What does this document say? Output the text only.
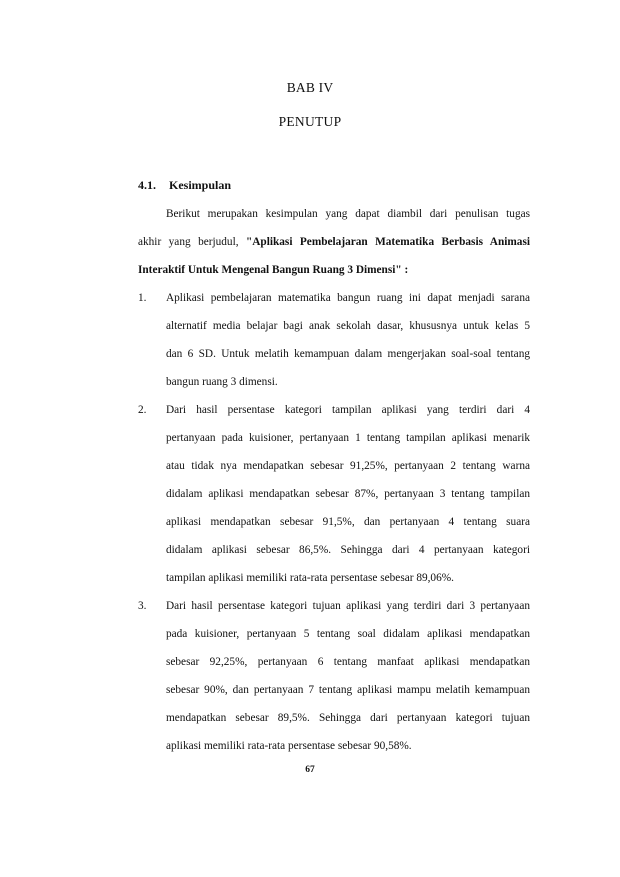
BAB IV
PENUTUP
4.1. Kesimpulan
Berikut merupakan kesimpulan yang dapat diambil dari penulisan tugas
akhir yang berjudul, "Aplikasi Pembelajaran Matematika Berbasis Animasi
Interaktif Untuk Mengenal Bangun Ruang 3 Dimensi" :
1. Aplikasi pembelajaran matematika bangun ruang ini dapat menjadi sarana
alternatif media belajar bagi anak sekolah dasar, khususnya untuk kelas 5
dan 6 SD. Untuk melatih kemampuan dalam mengerjakan soal-soal tentang
bangun ruang 3 dimensi.
2. Dari hasil persentase kategori tampilan aplikasi yang terdiri dari 4
pertanyaan pada kuisioner, pertanyaan 1 tentang tampilan aplikasi menarik
atau tidak nya mendapatkan sebesar 91,25%, pertanyaan 2 tentang warna
didalam aplikasi mendapatkan sebesar 87%, pertanyaan 3 tentang tampilan
aplikasi mendapatkan sebesar 91,5%, dan pertanyaan 4 tentang suara
didalam aplikasi sebesar 86,5%. Sehingga dari 4 pertanyaan kategori
tampilan aplikasi memiliki rata-rata persentase sebesar 89,06%.
3. Dari hasil persentase kategori tujuan aplikasi yang terdiri dari 3 pertanyaan
pada kuisioner, pertanyaan 5 tentang soal didalam aplikasi mendapatkan
sebesar 92,25%, pertanyaan 6 tentang manfaat aplikasi mendapatkan
sebesar 90%, dan pertanyaan 7 tentang aplikasi mampu melatih kemampuan
mendapatkan sebesar 89,5%. Sehingga dari pertanyaan kategori tujuan
aplikasi memiliki rata-rata persentase sebesar 90,58%.
67
